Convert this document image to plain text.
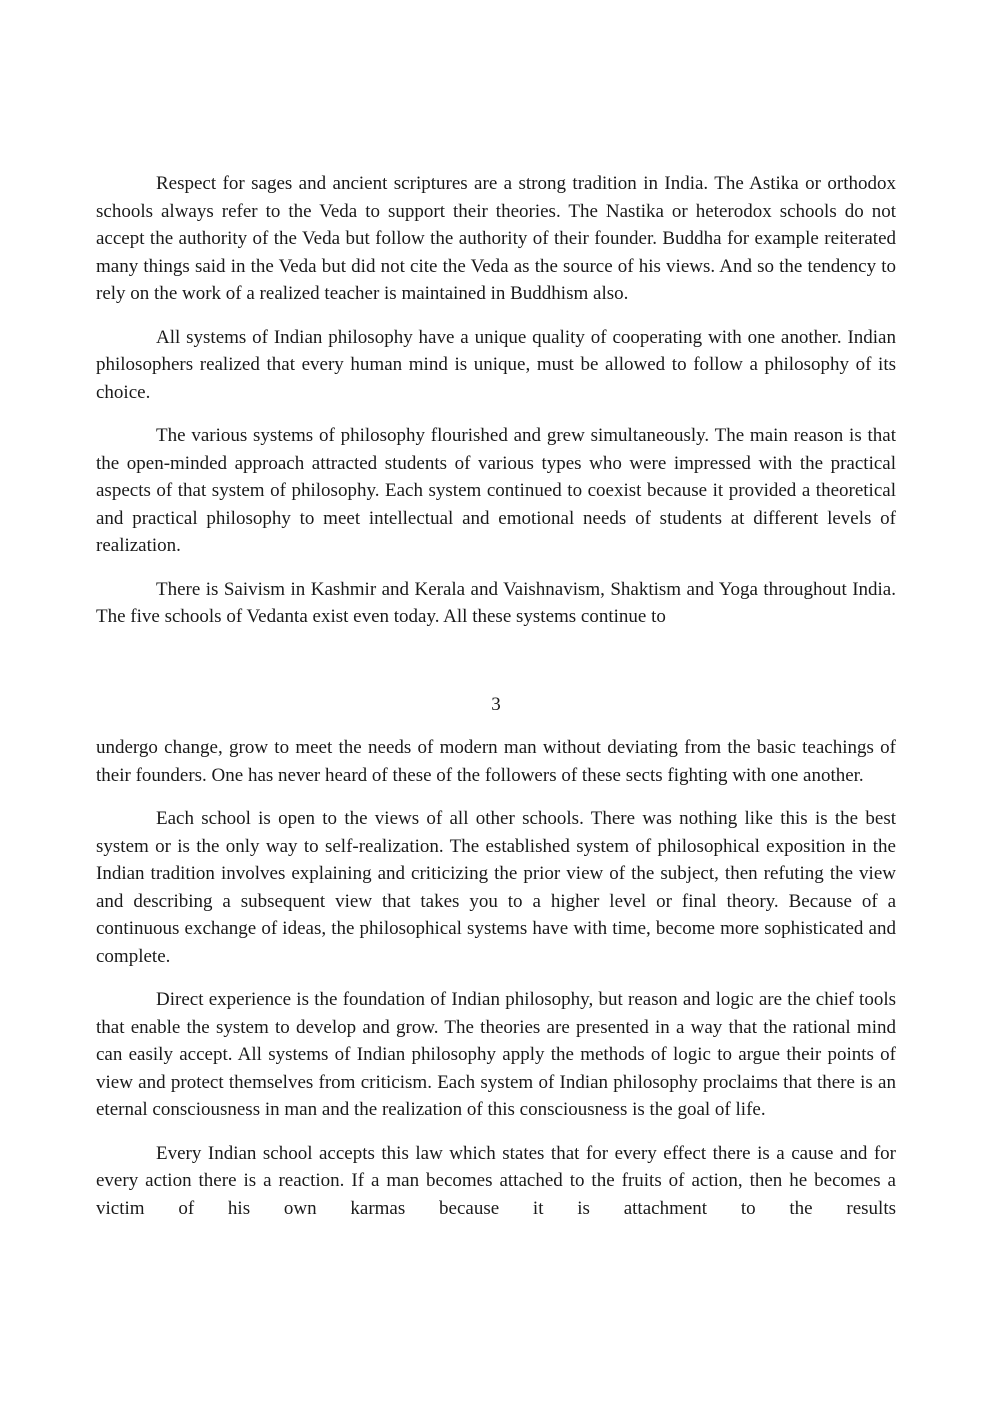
Respect for sages and ancient scriptures are a strong tradition in India. The Astika or orthodox schools always refer to the Veda to support their theories. The Nastika or heterodox schools do not accept the authority of the Veda but follow the authority of their founder. Buddha for example reiterated many things said in the Veda but did not cite the Veda as the source of his views. And so the tendency to rely on the work of a realized teacher is maintained in Buddhism also.

All systems of Indian philosophy have a unique quality of cooperating with one another. Indian philosophers realized that every human mind is unique, must be allowed to follow a philosophy of its choice.

The various systems of philosophy flourished and grew simultaneously. The main reason is that the open-minded approach attracted students of various types who were impressed with the practical aspects of that system of philosophy. Each system continued to coexist because it provided a theoretical and practical philosophy to meet intellectual and emotional needs of students at different levels of realization.

There is Saivism in Kashmir and Kerala and Vaishnavism, Shaktism and Yoga throughout India. The five schools of Vedanta exist even today. All these systems continue to

3

undergo change, grow to meet the needs of modern man without deviating from the basic teachings of their founders. One has never heard of these of the followers of these sects fighting with one another.

Each school is open to the views of all other schools. There was nothing like this is the best system or is the only way to self-realization. The established system of philosophical exposition in the Indian tradition involves explaining and criticizing the prior view of the subject, then refuting the view and describing a subsequent view that takes you to a higher level or final theory. Because of a continuous exchange of ideas, the philosophical systems have with time, become more sophisticated and complete.

Direct experience is the foundation of Indian philosophy, but reason and logic are the chief tools that enable the system to develop and grow. The theories are presented in a way that the rational mind can easily accept. All systems of Indian philosophy apply the methods of logic to argue their points of view and protect themselves from criticism. Each system of Indian philosophy proclaims that there is an eternal consciousness in man and the realization of this consciousness is the goal of life.

Every Indian school accepts this law which states that for every effect there is a cause and for every action there is a reaction. If a man becomes attached to the fruits of action, then he becomes a victim of his own karmas because it is attachment to the results
